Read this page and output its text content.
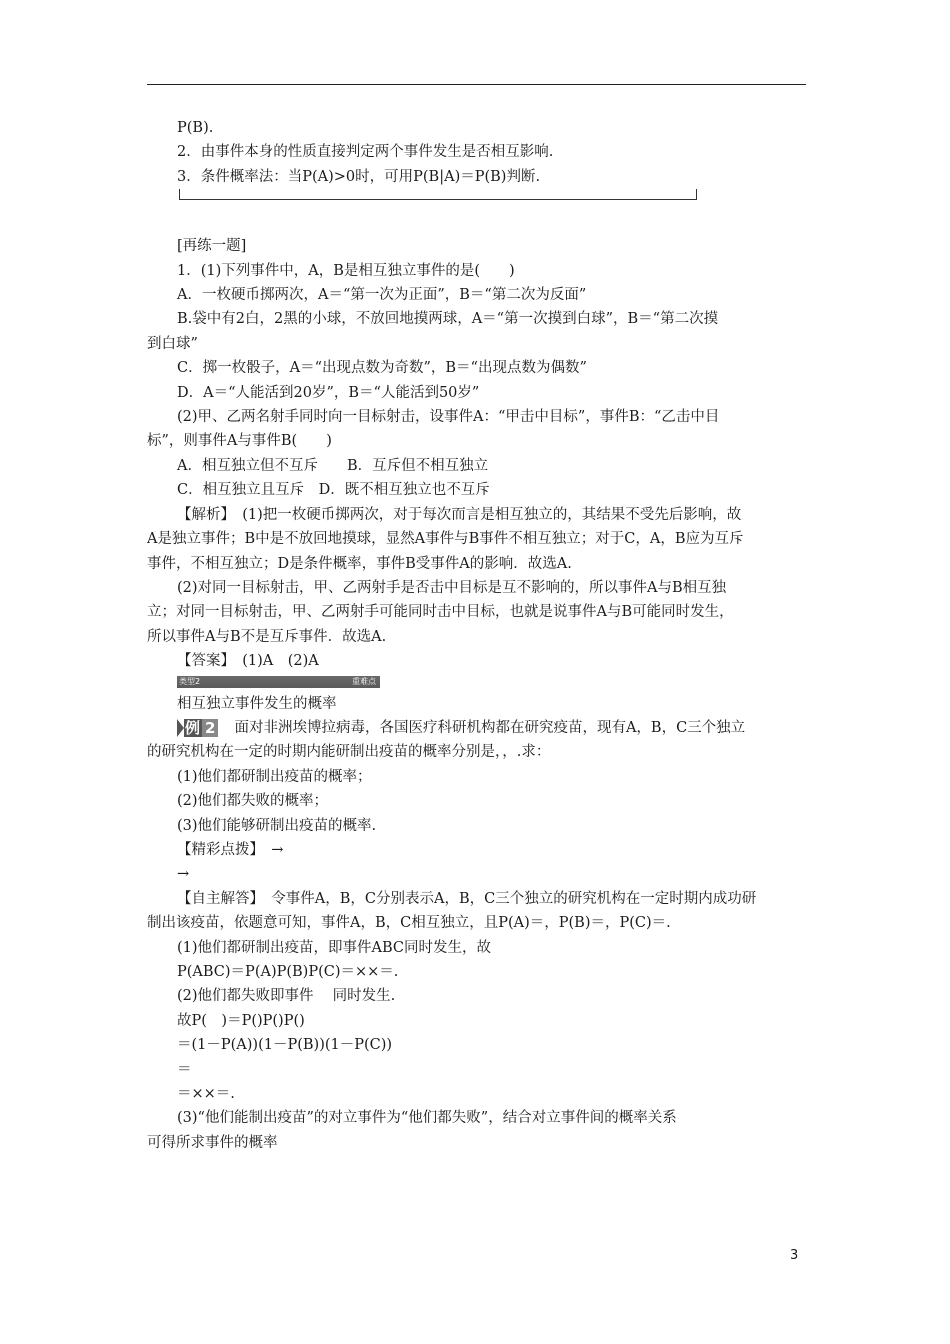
P(B).

2．由事件本身的性质直接判定两个事件发生是否相互影响.

3．条件概率法：当P(A)>0时，可用P(B|A)＝P(B)判断.

[再练一题]

1．(1)下列事件中，A，B是相互独立事件的是(　　)

A．一枚硬币掷两次，A＝“第一次为正面”，B＝“第二次为反面”

B.袋中有2白，2黑的小球，不放回地摸两球，A＝“第一次摸到白球”，B＝“第二次摸

到白球”

C．掷一枚骰子，A＝“出现点数为奇数”，B＝“出现点数为偶数”

D．A＝“人能活到20岁”，B＝“人能活到50岁”

(2)甲、乙两名射手同时向一目标射击，设事件A：“甲击中目标”，事件B：“乙击中目

标”，则事件A与事件B(　　)

A．相互独立但不互斥　　B．互斥但不相互独立

C．相互独立且互斥　D．既不相互独立也不互斥

【解析】　(1)把一枚硬币掷两次，对于每次而言是相互独立的，其结果不受先后影响，故

A是独立事件；B中是不放回地摸球，显然A事件与B事件不相互独立；对于C，A，B应为互斥

事件，不相互独立；D是条件概率，事件B受事件A的影响．故选A.

(2)对同一目标射击，甲、乙两射手是否击中目标是互不影响的，所以事件A与B相互独

立；对同一目标射击，甲、乙两射手可能同时击中目标，也就是说事件A与B可能同时发生，

所以事件A与B不是互斥事件．故选A.

【答案】　(1)A　(2)A

类型2	重难点

相互独立事件发生的概率

例 2 面对非洲埃博拉病毒，各国医疗科研机构都在研究疫苗，现有A，B，C三个独立

的研究机构在一定的时期内能研制出疫苗的概率分别是，，.求：

(1)他们都研制出疫苗的概率；

(2)他们都失败的概率；

(3)他们能够研制出疫苗的概率.

【精彩点拨】　→

→

【自主解答】　令事件A，B，C分别表示A，B，C三个独立的研究机构在一定时期内成功研

制出该疫苗，依题意可知，事件A，B，C相互独立，且P(A)＝，P(B)＝，P(C)＝.

(1)他们都研制出疫苗，即事件ABC同时发生，故

P(ABC)＝P(A)P(B)P(C)＝××＝.

(2)他们都失败即事件　 同时发生.

故P(　)＝P()P()P()

＝(1－P(A))(1－P(B))(1－P(C))

＝

＝××＝.

(3)“他们能制出疫苗”的对立事件为“他们都失败”，结合对立事件间的概率关系

可得所求事件的概率

3
